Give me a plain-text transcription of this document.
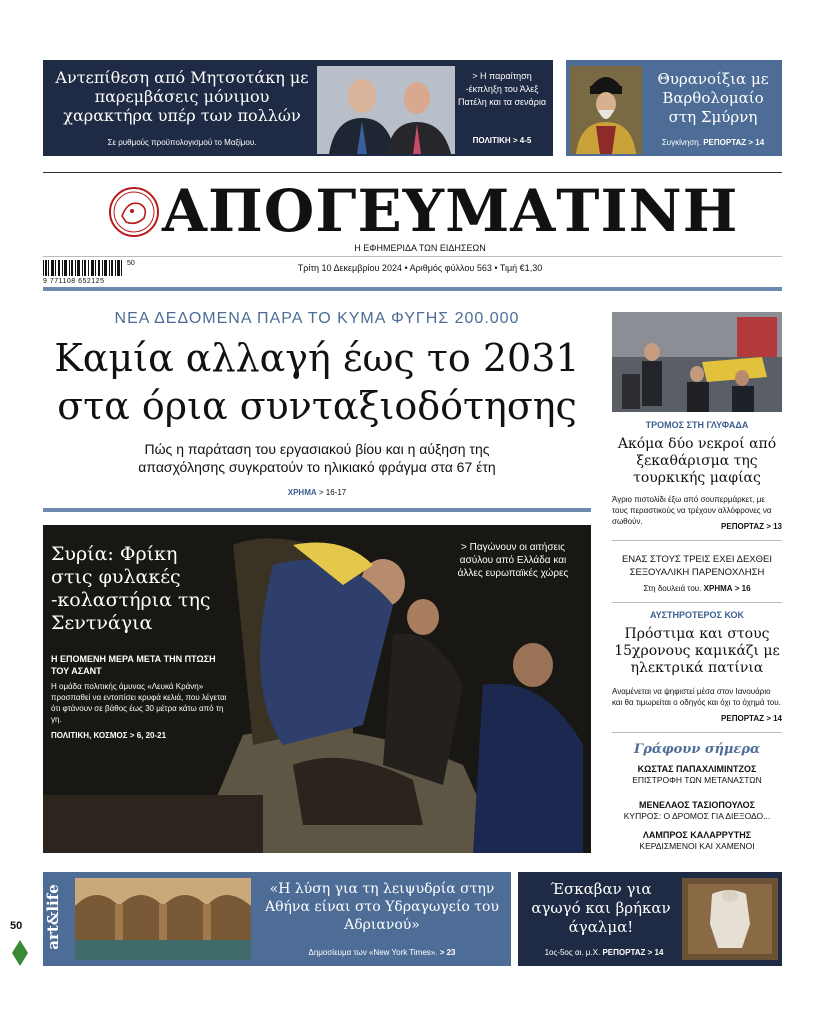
Αντεπίθεση από Μητσοτάκη με παρεμβάσεις μόνιμου χαρακτήρα υπέρ των πολλών
Σε ρυθμούς προϋπολογισμού το Μαξίμου.
> Η παραίτηση -έκπληξη του Άλεξ Πατέλη και τα σενάρια
ΠΟΛΙΤΙΚΗ > 4-5
Θυρανοίξια με Βαρθολομαίο στη Σμύρνη
Συγκίνηση. ΡΕΠΟΡΤΑΖ > 14
ΑΠΟΓΕΥΜΑΤΙΝΗ
Η ΕΦΗΜΕΡΙΔΑ ΤΩΝ ΕΙΔΗΣΕΩΝ
50
9 771108 652125
Τρίτη 10 Δεκεμβρίου 2024 • Αριθμός φύλλου 563 • Τιμή €1,30
ΝΕΑ ΔΕΔΟΜΕΝΑ ΠΑΡΑ ΤΟ ΚΥΜΑ ΦΥΓΗΣ 200.000
Καμία αλλαγή έως το 2031
στα όρια συνταξιοδότησης
Πώς η παράταση του εργασιακού βίου και η αύξηση της
απασχόλησης συγκρατούν το ηλικιακό φράγμα στα 67 έτη
ΧΡΗΜΑ > 16-17
Συρία: Φρίκη στις φυλακές -κολαστήρια της Σεντνάγια
Η ΕΠΟΜΕΝΗ ΜΕΡΑ ΜΕΤΑ ΤΗΝ ΠΤΩΣΗ ΤΟΥ ΑΣΑΝΤ
Η ομάδα πολιτικής άμυνας «Λευκά Κράνη» προσπαθεί να εντοπίσει κρυφά κελιά, που λέγεται ότι φτάνουν σε βάθος έως 30 μέτρα κάτω από τη γη.
ΠΟΛΙΤΙΚΗ, ΚΟΣΜΟΣ > 6, 20-21
> Παγώνουν οι αιτήσεις ασύλου από Ελλάδα και άλλες ευρωπαϊκές χώρες
ΤΡΟΜΟΣ ΣΤΗ ΓΛΥΦΑΔΑ
Ακόμα δύο νεκροί από ξεκαθάρισμα της τουρκικής μαφίας
Άγριο πιστολίδι έξω από σουπερμάρκετ, με τους περαστικούς να τρέχουν αλλόφρονες να σωθούν.
ΡΕΠΟΡΤΑΖ > 13
ΕΝΑΣ ΣΤΟΥΣ ΤΡΕΙΣ ΕΧΕΙ ΔΕΧΘΕΙ ΣΕΞΟΥΑΛΙΚΗ ΠΑΡΕΝΟΧΛΗΣΗ
Στη δουλειά του. ΧΡΗΜΑ > 16
ΑΥΣΤΗΡΟΤΕΡΟΣ ΚΟΚ
Πρόστιμα και στους 15χρονους καμικάζι με ηλεκτρικά πατίνια
Αναμένεται να ψηφιστεί μέσα στον Ιανουάριο και θα τιμωρείται ο οδηγός και όχι το όχημά του.
ΡΕΠΟΡΤΑΖ > 14
Γράφουν σήμερα
ΚΩΣΤΑΣ ΠΑΠΑΧΛΙΜΙΝΤΖΟΣ
ΕΠΙΣΤΡΟΦΗ ΤΩΝ ΜΕΤΑΝΑΣΤΩΝ
ΜΕΝΕΛΑΟΣ ΤΑΣΙΟΠΟΥΛΟΣ
ΚΥΠΡΟΣ: Ο ΔΡΟΜΟΣ ΓΙΑ ΔΙΕΞΟΔΟ...
ΛΑΜΠΡΟΣ ΚΑΛΑΡΡΥΤΗΣ
ΚΕΡΔΙΣΜΕΝΟΙ ΚΑΙ ΧΑΜΕΝΟΙ
art&life	«Η λύση για τη λειψυδρία στην Αθήνα είναι στο Υδραγωγείο του Αδριανού»
Δημοσίευμα των «New York Times». > 23
Έσκαβαν για αγωγό και βρήκαν άγαλμα!
1ος-5ος αι. μ.Χ. ΡΕΠΟΡΤΑΖ > 14
50
